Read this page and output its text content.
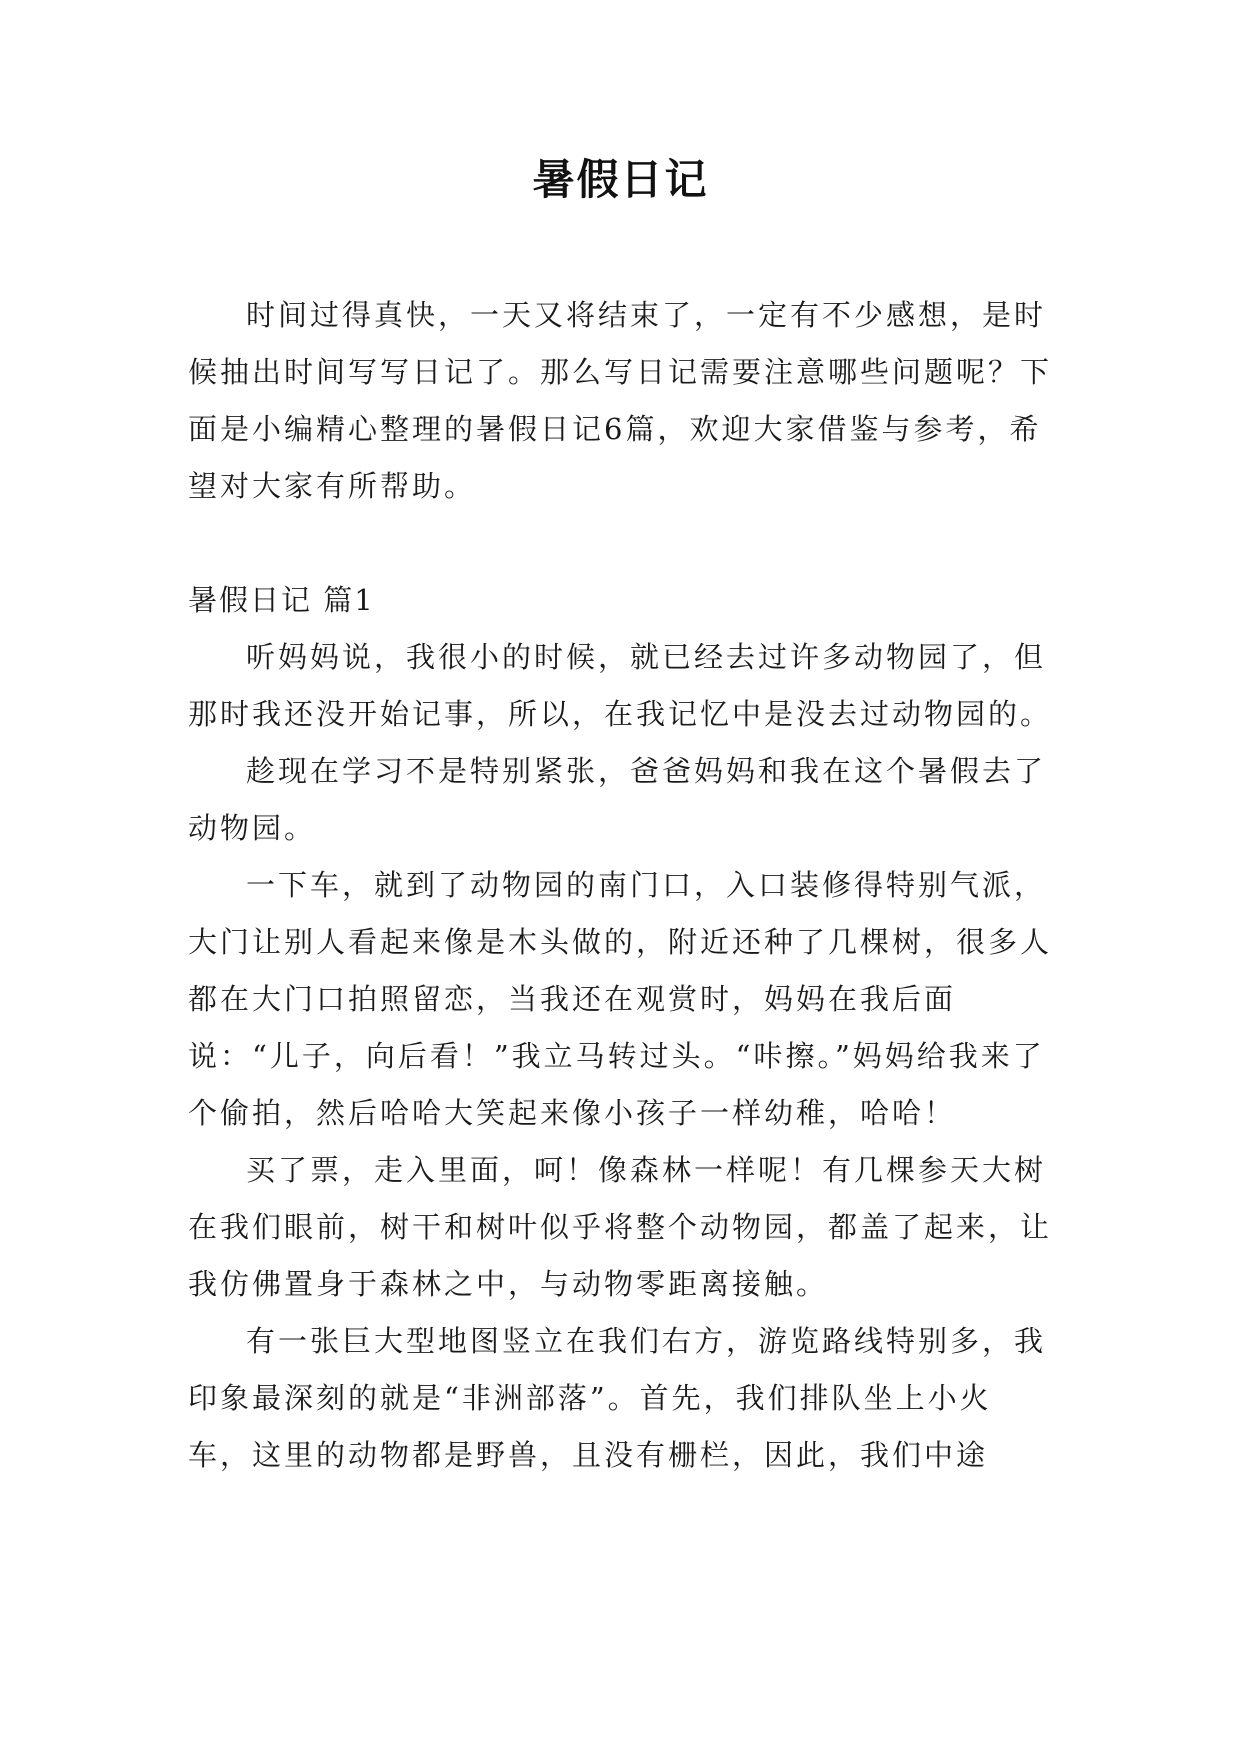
暑假日记

时间过得真快，一天又将结束了，一定有不少感想，是时候抽出时间写写日记了。那么写日记需要注意哪些问题呢？下面是小编精心整理的暑假日记6篇，欢迎大家借鉴与参考，希望对大家有所帮助。

暑假日记 篇1

听妈妈说，我很小的时候，就已经去过许多动物园了，但那时我还没开始记事，所以，在我记忆中是没去过动物园的。

趁现在学习不是特别紧张，爸爸妈妈和我在这个暑假去了动物园。

一下车，就到了动物园的南门口，入口装修得特别气派，大门让别人看起来像是木头做的，附近还种了几棵树，很多人都在大门口拍照留恋，当我还在观赏时，妈妈在我后面说：“儿子，向后看！”我立马转过头。“咔擦。”妈妈给我来了个偷拍，然后哈哈大笑起来像小孩子一样幼稚，哈哈！

买了票，走入里面，呵！像森林一样呢！有几棵参天大树在我们眼前，树干和树叶似乎将整个动物园，都盖了起来，让我仿佛置身于森林之中，与动物零距离接触。

有一张巨大型地图竖立在我们右方，游览路线特别多，我印象最深刻的就是“非洲部落”。首先，我们排队坐上小火车，这里的动物都是野兽，且没有栅栏，因此，我们中途
